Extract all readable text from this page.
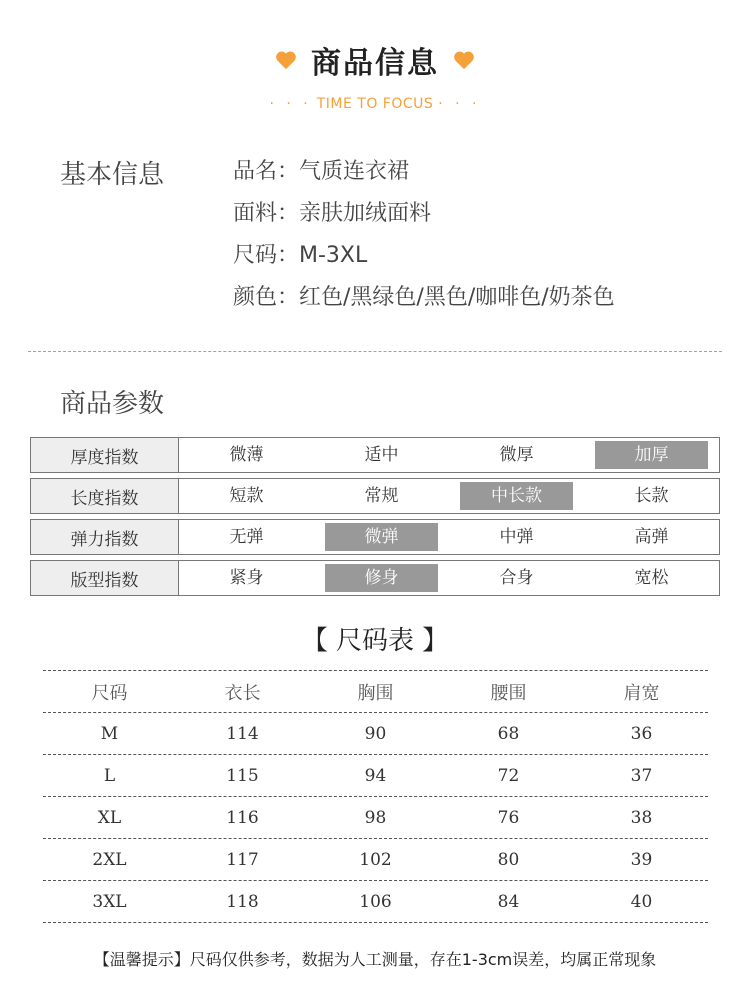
商品信息
· · · TIME TO FOCUS · · ·
基本信息	品名：气质连衣裙
面料：亲肤加绒面料
尺码：M-3XL
颜色：红色/黑绿色/黑色/咖啡色/奶茶色
商品参数
厚度指数	微薄	适中	微厚	加厚
长度指数	短款	常规	中长款	长款
弹力指数	无弹	微弹	中弹	高弹
版型指数	紧身	修身	合身	宽松
【 尺码表 】
尺码	衣长	胸围	腰围	肩宽
M	114	90	68	36
L	115	94	72	37
XL	116	98	76	38
2XL	117	102	80	39
3XL	118	106	84	40
【温馨提示】尺码仅供参考，数据为人工测量，存在1-3cm误差，均属正常现象
